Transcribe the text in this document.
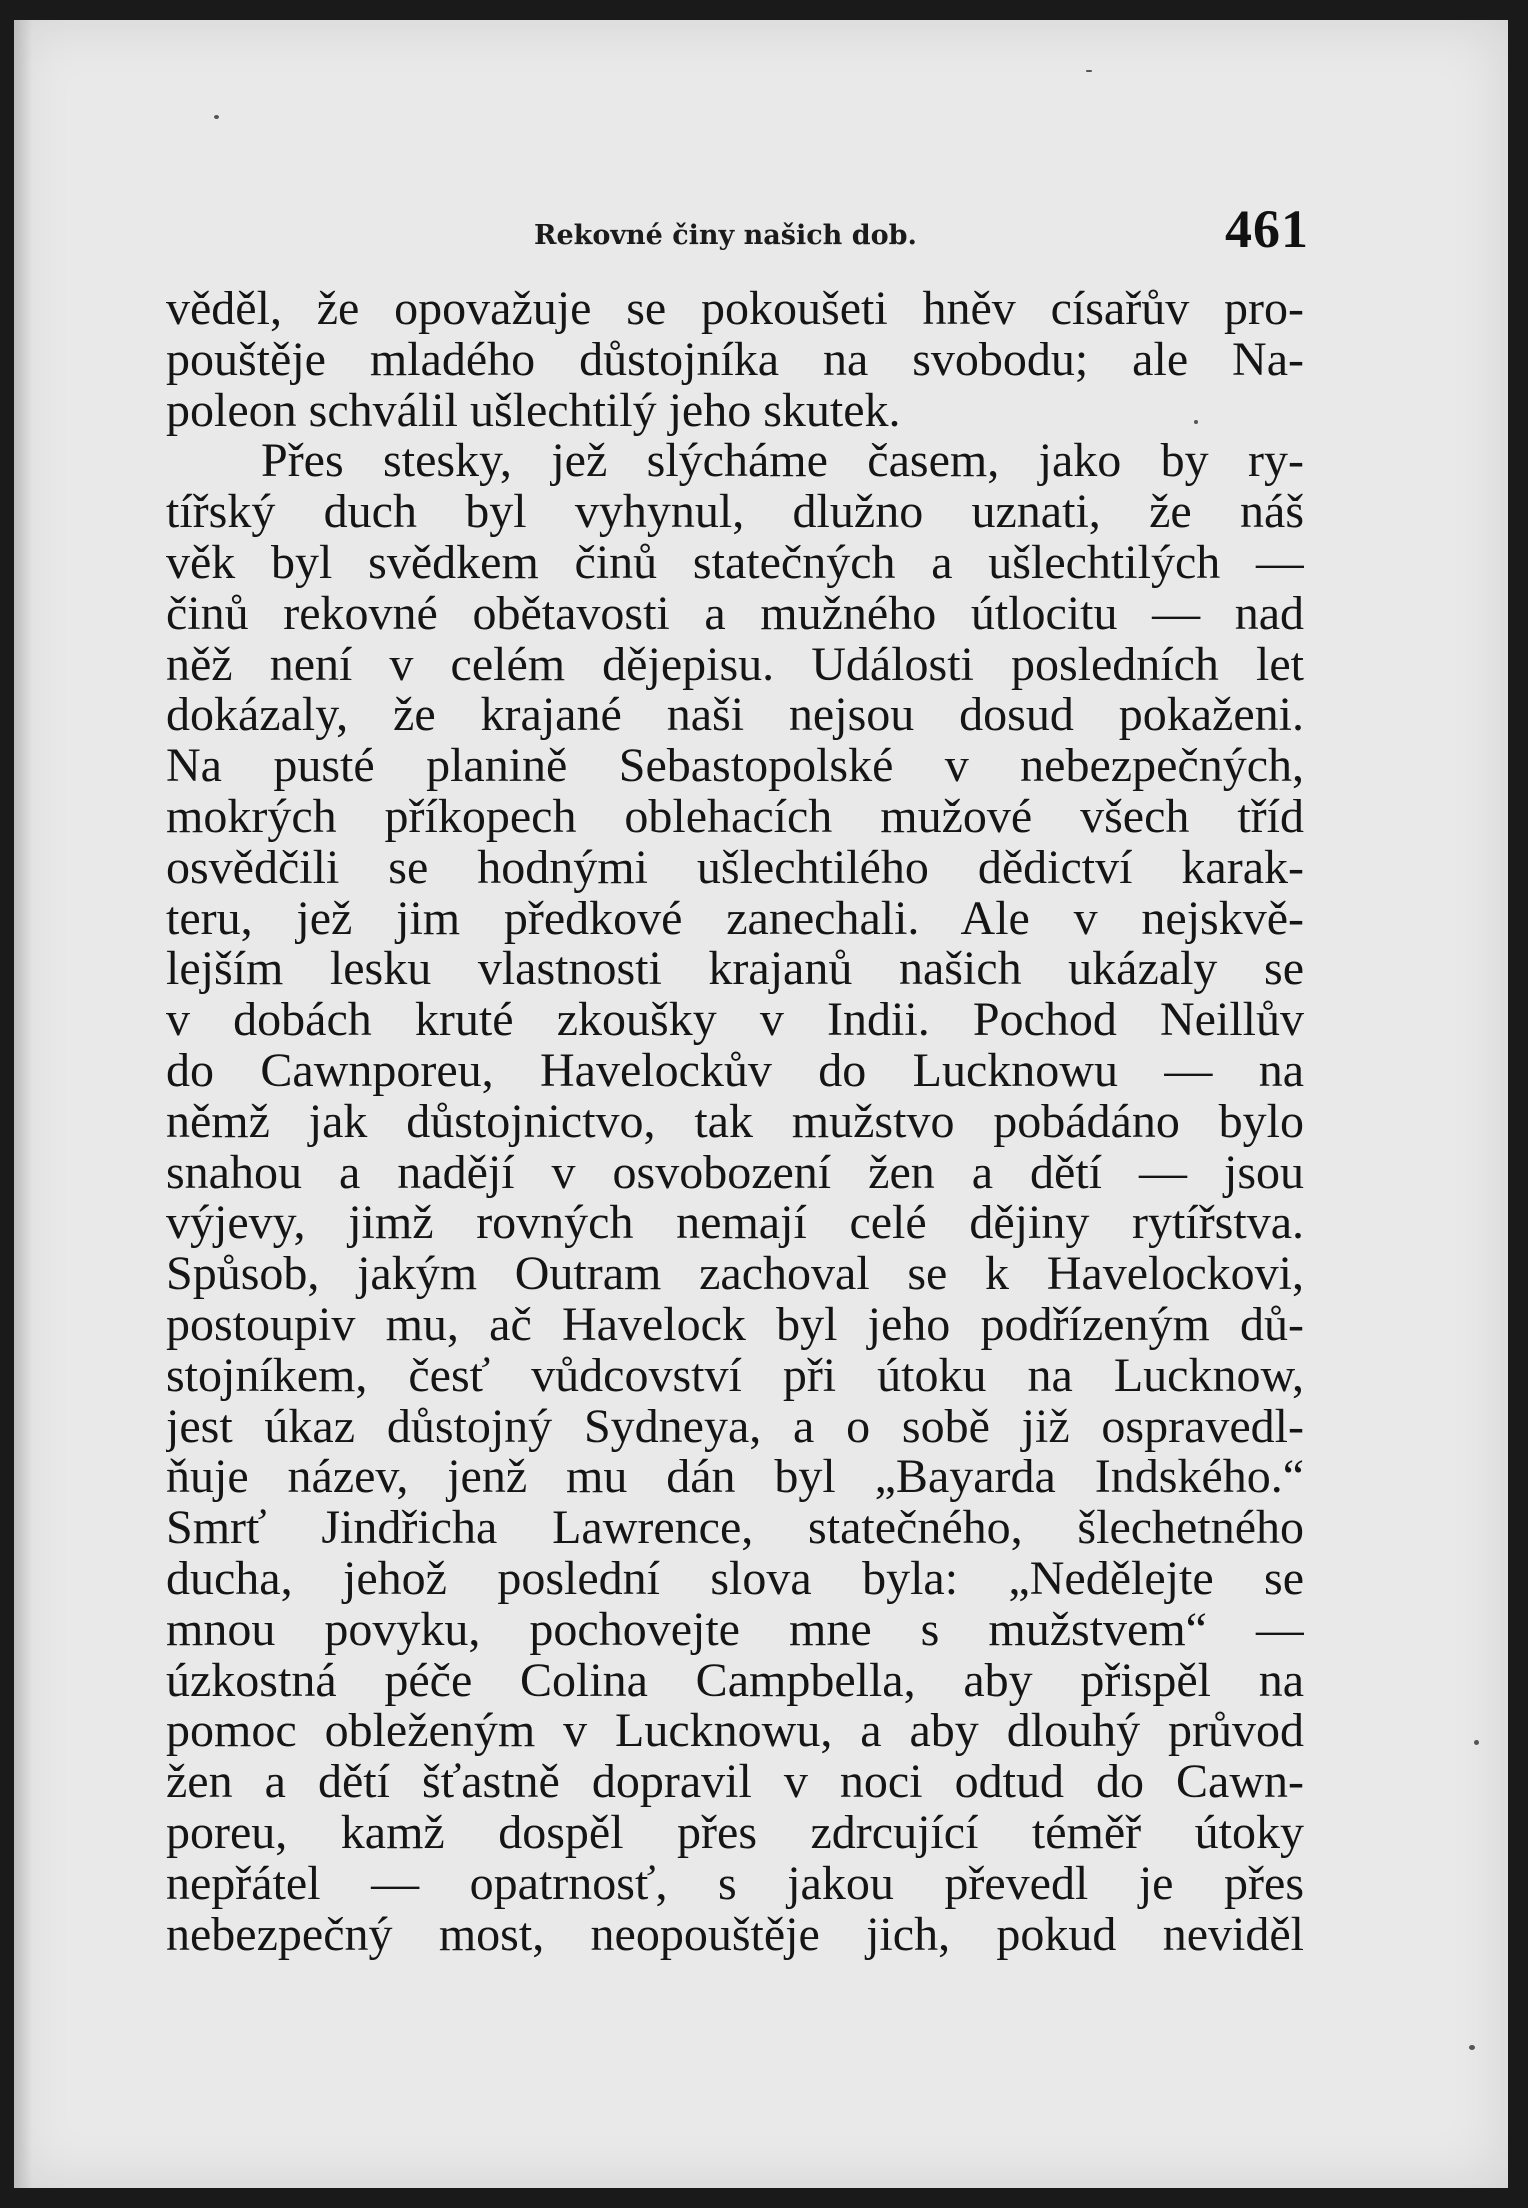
Rekovné činy našich dob.	461
věděl, že opovažuje se pokoušeti hněv císařův pro-
pouštěje mladého důstojníka na svobodu; ale Na-
poleon schválil ušlechtilý jeho skutek.
Přes stesky, jež slýcháme časem, jako by ry-
tířský duch byl vyhynul, dlužno uznati, že náš
věk byl svědkem činů statečných a ušlechtilých —
činů rekovné obětavosti a mužného útlocitu — nad
něž není v celém dějepisu. Události posledních let
dokázaly, že krajané naši nejsou dosud pokaženi.
Na pusté planině Sebastopolské v nebezpečných,
mokrých příkopech oblehacích mužové všech tříd
osvědčili se hodnými ušlechtilého dědictví karak-
teru, jež jim předkové zanechali. Ale v nejskvě-
lejším lesku vlastnosti krajanů našich ukázaly se
v dobách kruté zkoušky v Indii. Pochod Neillův
do Cawnporeu, Havelockův do Lucknowu — na
němž jak důstojnictvo, tak mužstvo pobádáno bylo
snahou a nadějí v osvobození žen a dětí — jsou
výjevy, jimž rovných nemají celé dějiny rytířstva.
Spůsob, jakým Outram zachoval se k Havelockovi,
postoupiv mu, ač Havelock byl jeho podřízeným dů-
stojníkem, česť vůdcovství při útoku na Lucknow,
jest úkaz důstojný Sydneya, a o sobě již ospravedl-
ňuje název, jenž mu dán byl „Bayarda Indského.“
Smrť Jindřicha Lawrence, statečného, šlechetného
ducha, jehož poslední slova byla: „Nedělejte se
mnou povyku, pochovejte mne s mužstvem“ —
úzkostná péče Colina Campbella, aby přispěl na
pomoc obleženým v Lucknowu, a aby dlouhý průvod
žen a dětí šťastně dopravil v noci odtud do Cawn-
poreu, kamž dospěl přes zdrcující téměř útoky
nepřátel — opatrnosť, s jakou převedl je přes
nebezpečný most, neopouštěje jich, pokud neviděl
